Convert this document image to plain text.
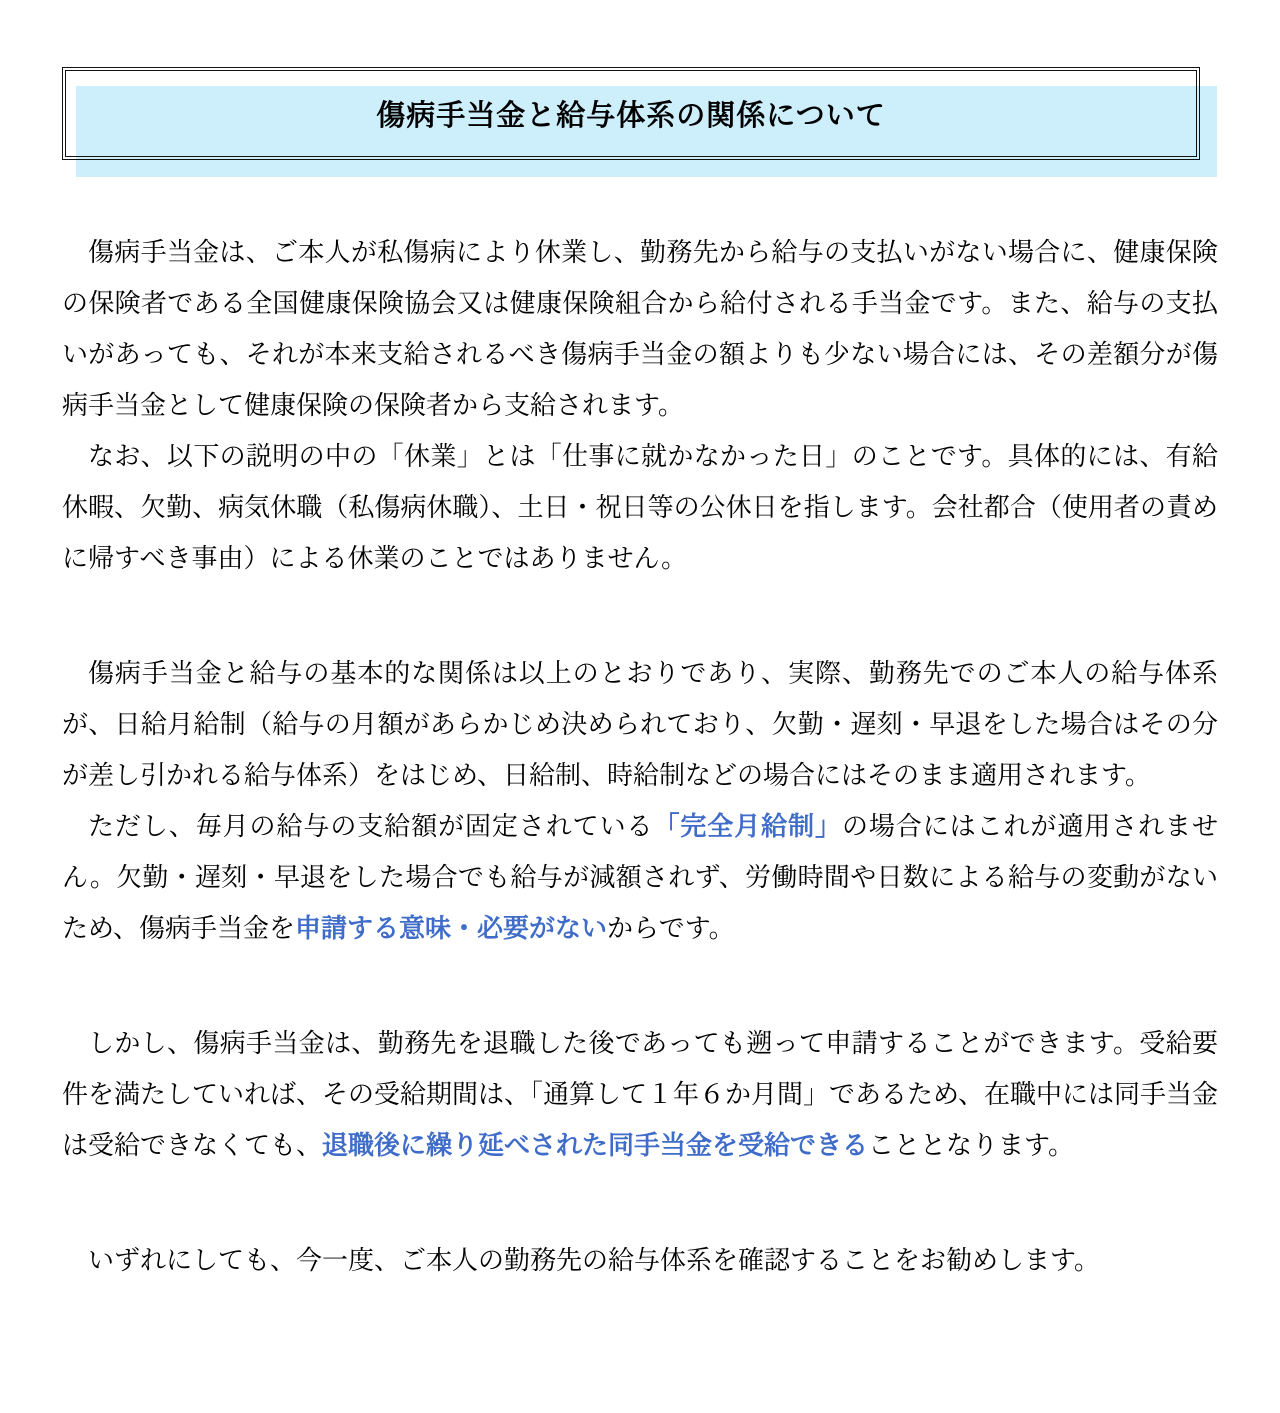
傷病手当金と給与体系の関係について

傷病手当金は、ご本人が私傷病により休業し、勤務先から給与の支払いがない場合に、健康保険の保険者である全国健康保険協会又は健康保険組合から給付される手当金です。また、給与の支払いがあっても、それが本来支給されるべき傷病手当金の額よりも少ない場合には、その差額分が傷病手当金として健康保険の保険者から支給されます。

なお、以下の説明の中の「休業」とは「仕事に就かなかった日」のことです。具体的には、有給休暇、欠勤、病気休職（私傷病休職）、土日・祝日等の公休日を指します。会社都合（使用者の責めに帰すべき事由）による休業のことではありません。

傷病手当金と給与の基本的な関係は以上のとおりであり、実際、勤務先でのご本人の給与体系が、日給月給制（給与の月額があらかじめ決められており、欠勤・遅刻・早退をした場合はその分が差し引かれる給与体系）をはじめ、日給制、時給制などの場合にはそのまま適用されます。

ただし、毎月の給与の支給額が固定されている「完全月給制」の場合にはこれが適用されません。欠勤・遅刻・早退をした場合でも給与が減額されず、労働時間や日数による給与の変動がないため、傷病手当金を申請する意味・必要がないからです。

しかし、傷病手当金は、勤務先を退職した後であっても遡って申請することができます。受給要件を満たしていれば、その受給期間は、「通算して１年６か月間」であるため、在職中には同手当金は受給できなくても、退職後に繰り延べされた同手当金を受給できることとなります。

いずれにしても、今一度、ご本人の勤務先の給与体系を確認することをお勧めします。
